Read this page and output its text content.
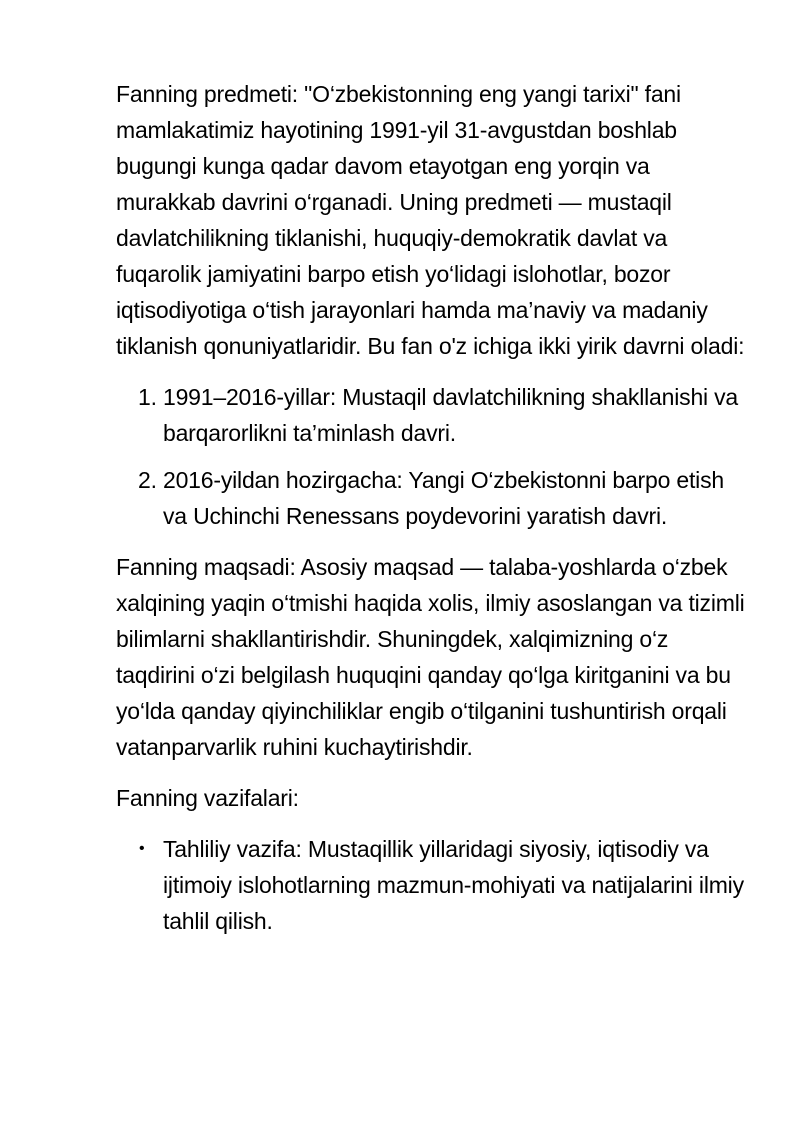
Fanning predmeti: "O‘zbekistonning eng yangi tarixi" fani mamlakatimiz hayotining 1991-yil 31-avgustdan boshlab bugungi kunga qadar davom etayotgan eng yorqin va murakkab davrini o‘rganadi. Uning predmeti — mustaqil davlatchilikning tiklanishi, huquqiy-demokratik davlat va fuqarolik jamiyatini barpo etish yo‘lidagi islohotlar, bozor iqtisodiyotiga o‘tish jarayonlari hamda ma’naviy va madaniy tiklanish qonuniyatlaridir. Bu fan o'z ichiga ikki yirik davrni oladi:

1. 1991–2016-yillar: Mustaqil davlatchilikning shakllanishi va barqarorlikni ta’minlash davri.
2. 2016-yildan hozirgacha: Yangi O‘zbekistonni barpo etish va Uchinchi Renessans poydevorini yaratish davri.

Fanning maqsadi: Asosiy maqsad — talaba-yoshlarda o‘zbek xalqining yaqin o‘tmishi haqida xolis, ilmiy asoslangan va tizimli bilimlarni shakllantirishdir. Shuningdek, xalqimizning o‘z taqdirini o‘zi belgilash huquqini qanday qo‘lga kiritganini va bu yo‘lda qanday qiyinchiliklar engib o‘tilganini tushuntirish orqali vatanparvarlik ruhini kuchaytirishdir.

Fanning vazifalari:

• Tahliliy vazifa: Mustaqillik yillaridagi siyosiy, iqtisodiy va ijtimoiy islohotlarning mazmun-mohiyati va natijalarini ilmiy tahlil qilish.
